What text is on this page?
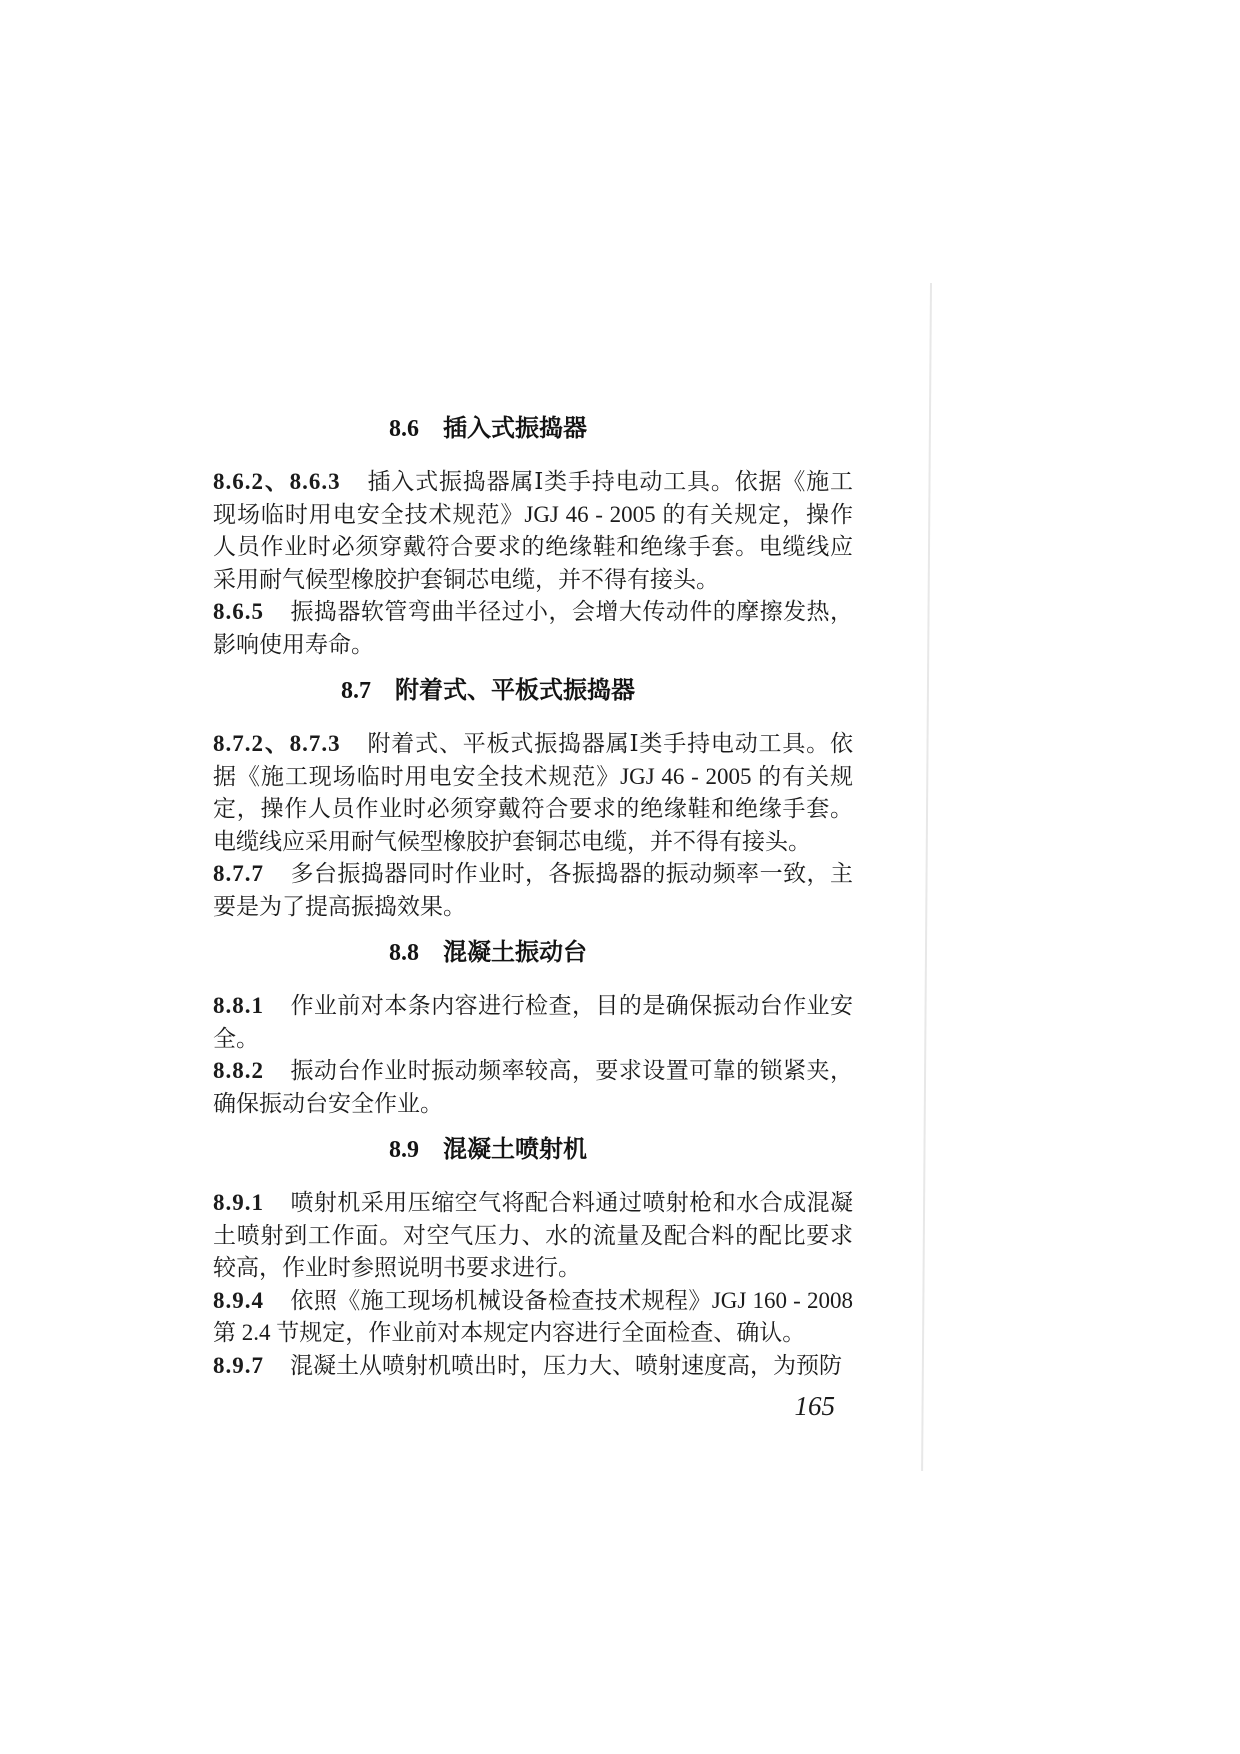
8.6 插入式振捣器

8.6.2、8.6.3 插入式振捣器属Ⅰ类手持电动工具。依据《施工现场临时用电安全技术规范》JGJ 46 - 2005 的有关规定，操作人员作业时必须穿戴符合要求的绝缘鞋和绝缘手套。电缆线应采用耐气候型橡胶护套铜芯电缆，并不得有接头。

8.6.5 振捣器软管弯曲半径过小，会增大传动件的摩擦发热，影响使用寿命。

8.7 附着式、平板式振捣器

8.7.2、8.7.3 附着式、平板式振捣器属Ⅰ类手持电动工具。依据《施工现场临时用电安全技术规范》JGJ 46 - 2005 的有关规定，操作人员作业时必须穿戴符合要求的绝缘鞋和绝缘手套。电缆线应采用耐气候型橡胶护套铜芯电缆，并不得有接头。

8.7.7 多台振捣器同时作业时，各振捣器的振动频率一致，主要是为了提高振捣效果。

8.8 混凝土振动台

8.8.1 作业前对本条内容进行检查，目的是确保振动台作业安全。

8.8.2 振动台作业时振动频率较高，要求设置可靠的锁紧夹，确保振动台安全作业。

8.9 混凝土喷射机

8.9.1 喷射机采用压缩空气将配合料通过喷射枪和水合成混凝土喷射到工作面。对空气压力、水的流量及配合料的配比要求较高，作业时参照说明书要求进行。

8.9.4 依照《施工现场机械设备检查技术规程》JGJ 160 - 2008 第 2.4 节规定，作业前对本规定内容进行全面检查、确认。

8.9.7 混凝土从喷射机喷出时，压力大、喷射速度高，为预防

165
